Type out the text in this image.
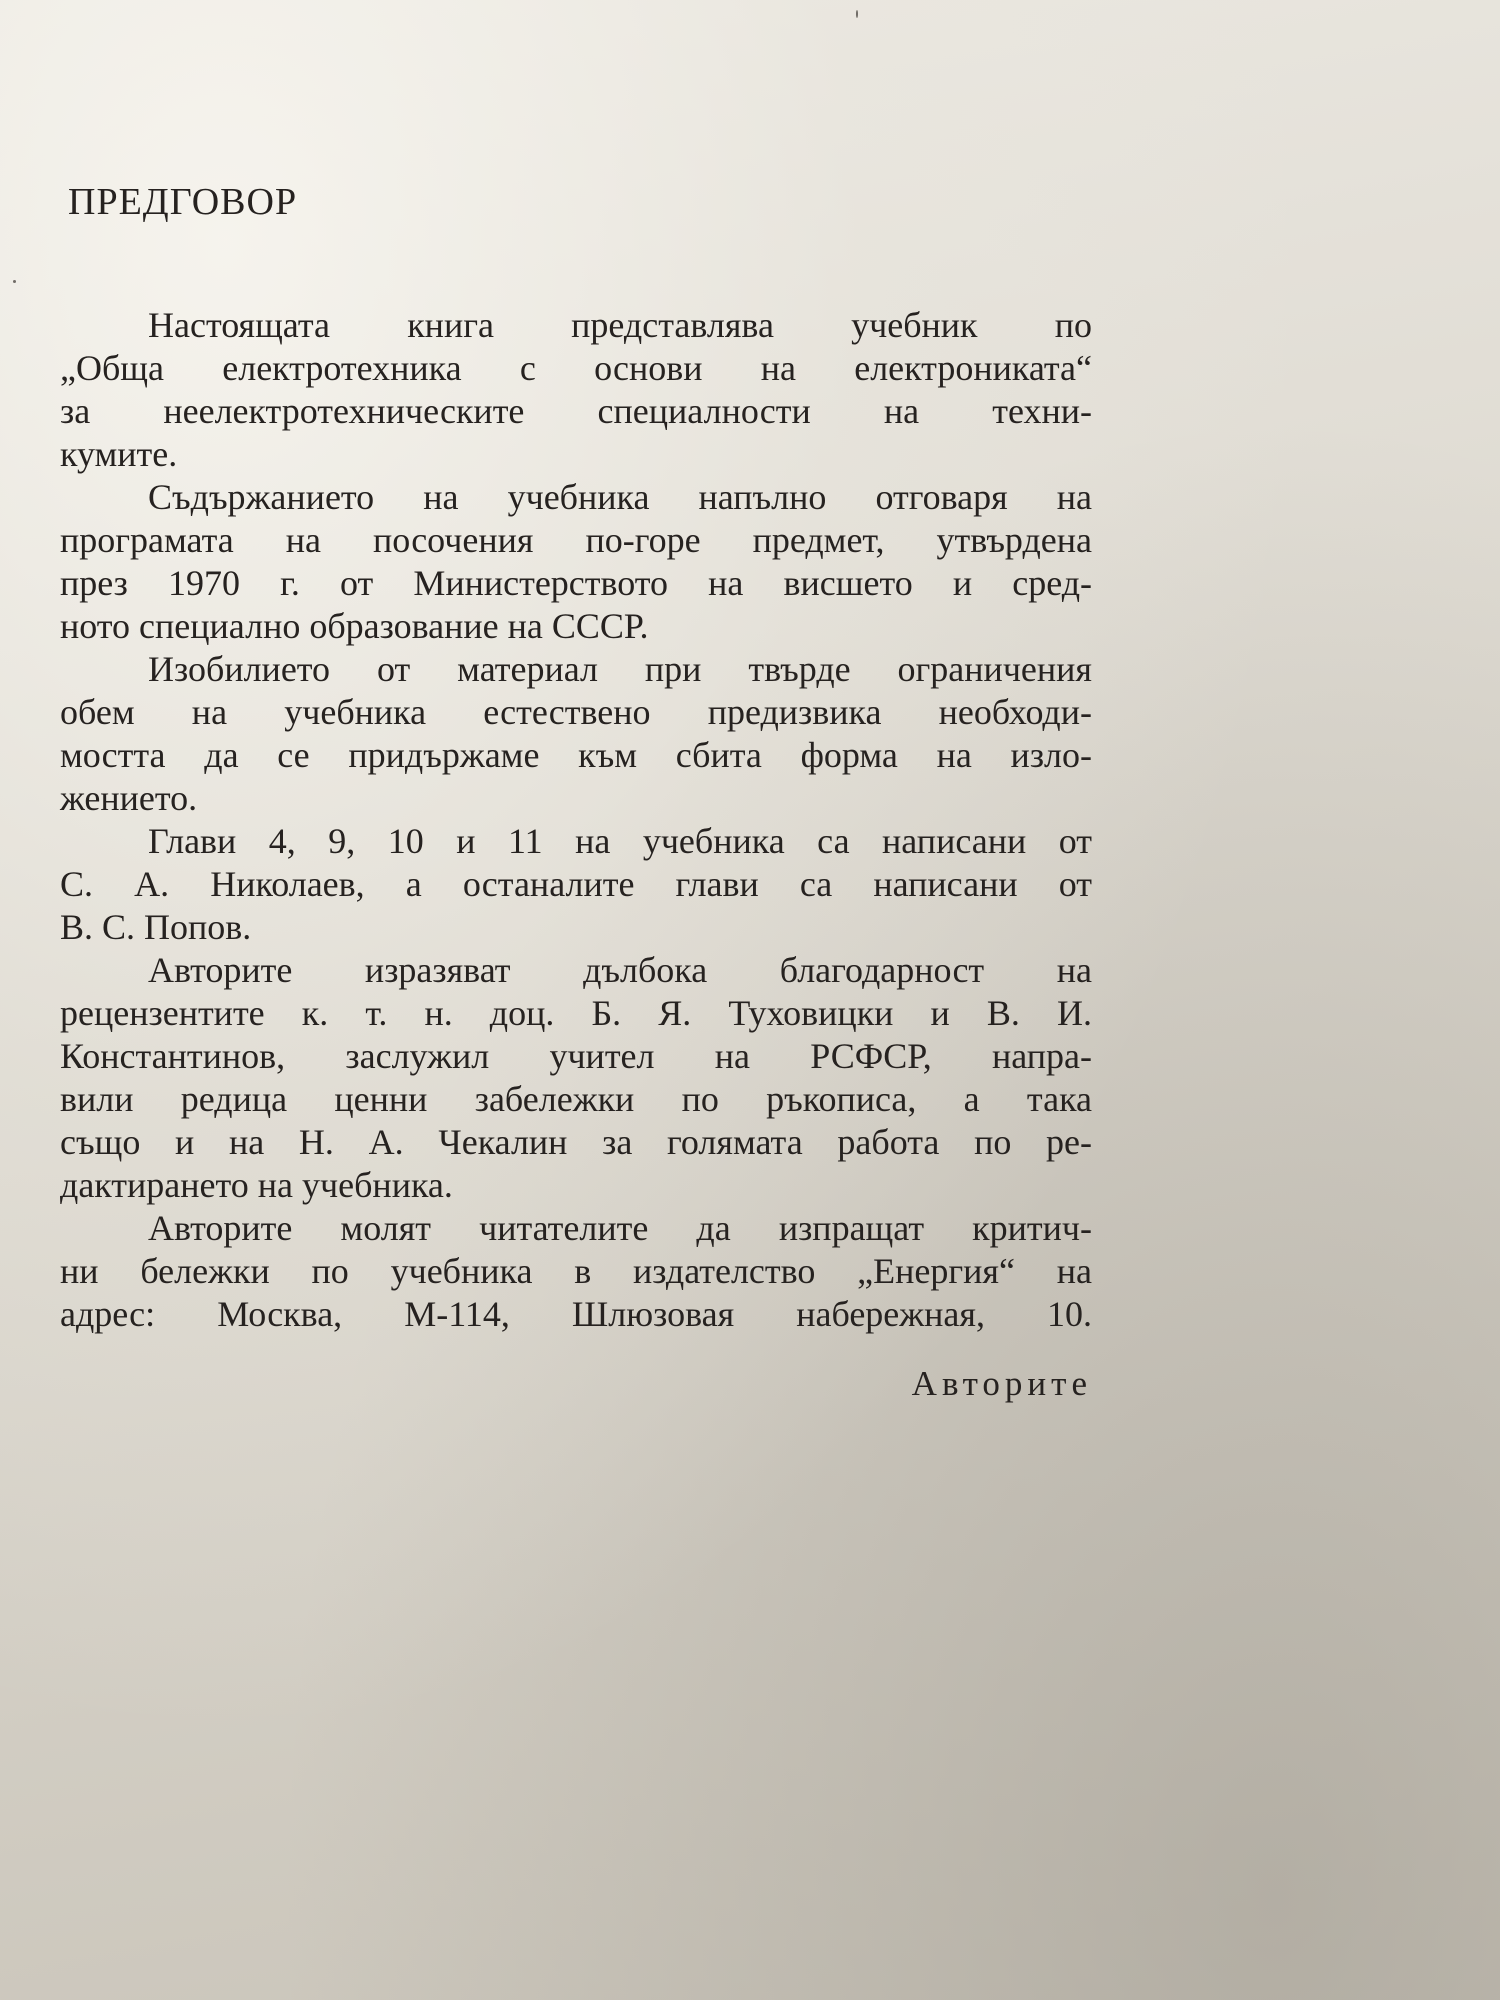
ПРЕДГОВОР
Настоящата книга представлява учебник по
„Обща електротехника с основи на електрониката“
за неелектротехническите специалности на техни-
кумите.
Съдържанието на учебника напълно отговаря на
програмата на посочения по-горе предмет, утвърдена
през 1970 г. от Министерството на висшето и сред-
ното специално образование на СССР.
Изобилието от материал при твърде ограничения
обем на учебника естествено предизвика необходи-
мостта да се придържаме към сбита форма на изло-
жението.
Глави 4, 9, 10 и 11 на учебника са написани от
С. А. Николаев, а останалите глави са написани от
В. С. Попов.
Авторите изразяват дълбока благодарност на
рецензентите к. т. н. доц. Б. Я. Туховицки и В. И.
Константинов, заслужил учител на РСФСР, напра-
вили редица ценни забележки по ръкописа, а така
също и на Н. А. Чекалин за голямата работа по ре-
дактирането на учебника.
Авторите молят читателите да изпращат критич-
ни бележки по учебника в издателство „Енергия“ на
адрес: Москва, М-114, Шлюзовая набережная, 10.
Авторите
